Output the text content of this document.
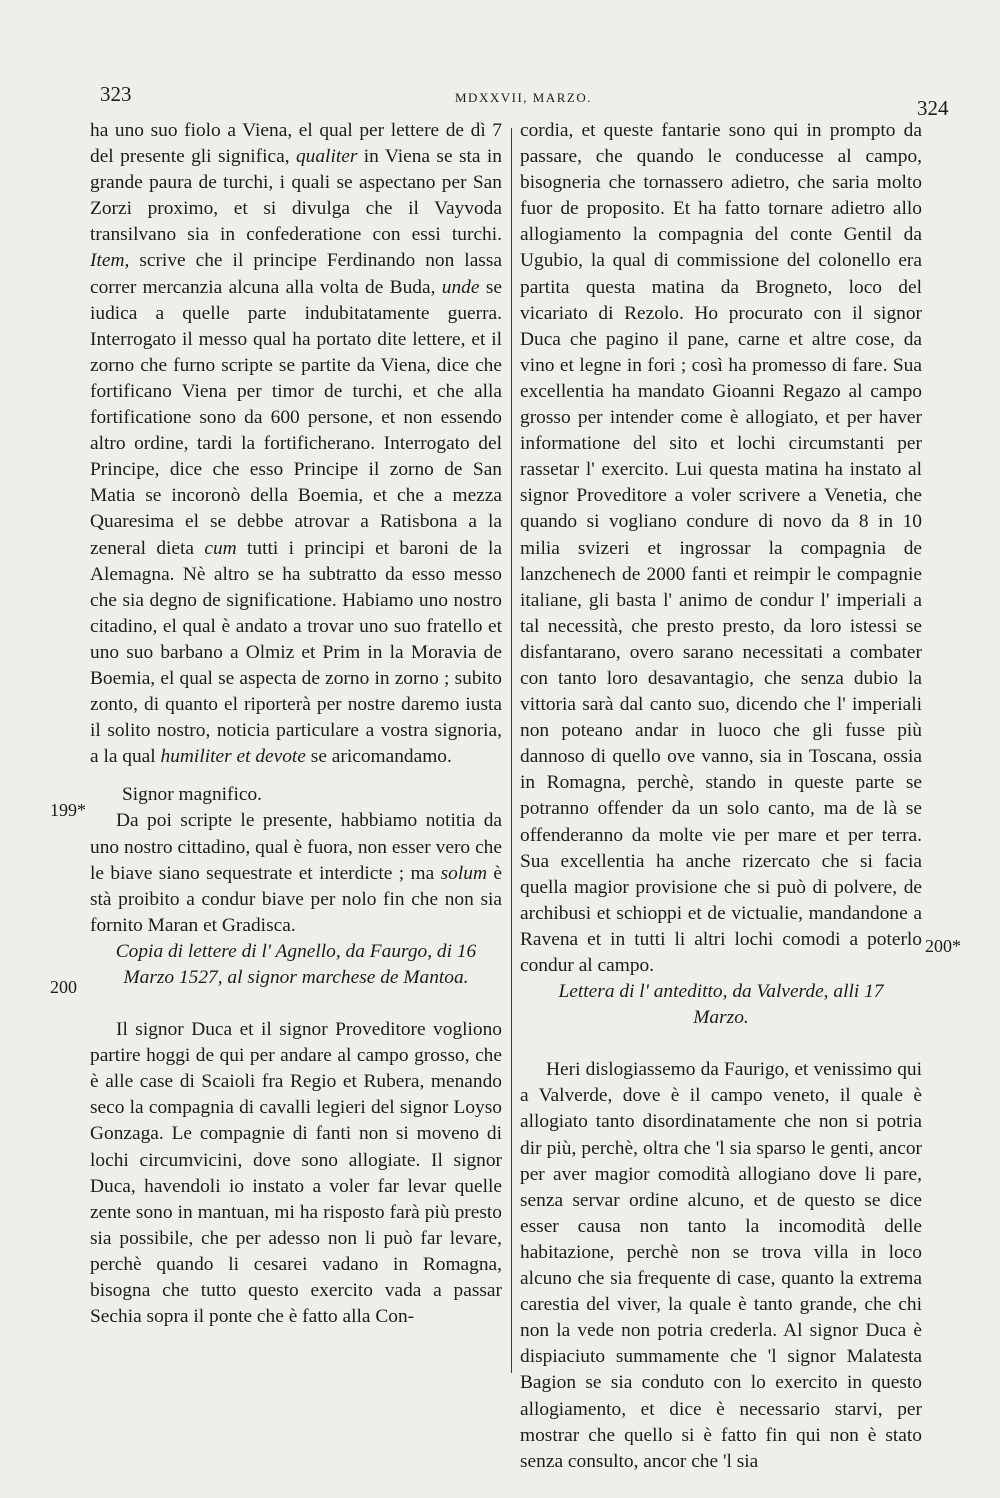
323	MDXXVII, MARZO.	324
199*
200
200*

ha uno suo fiolo a Viena, el qual per lettere de dì 7 del presente gli significa, qualiter in Viena se sta in grande paura de turchi, i quali se aspectano per San Zorzi proximo, et si divulga che il Vayvoda transilvano sia in confederatione con essi turchi. Item, scrive che il principe Ferdinando non lassa correr mercanzia alcuna alla volta de Buda, unde se iudica a quelle parte indubitatamente guerra. Interrogato il messo qual ha portato dite lettere, et il zorno che furno scripte se partite da Viena, dice che fortificano Viena per timor de turchi, et che alla fortificatione sono da 600 persone, et non essendo altro ordine, tardi la fortificherano. Interrogato del Principe, dice che esso Principe il zorno de San Matia se incoronò della Boemia, et che a mezza Quaresima el se debbe atrovar a Ratisbona a la zeneral dieta cum tutti i principi et baroni de la Alemagna. Nè altro se ha subtratto da esso messo che sia degno de significatione. Habiamo uno nostro citadino, el qual è andato a trovar uno suo fratello et uno suo barbano a Olmiz et Prim in la Moravia de Boemia, el qual se aspecta de zorno in zorno ; subito zonto, di quanto el riporterà per nostre daremo iusta il solito nostro, noticia particulare a vostra signoria, a la qual humiliter et devote se aricomandamo.

Signor magnifico.

Da poi scripte le presente, habbiamo notitia da uno nostro cittadino, qual è fuora, non esser vero che le biave siano sequestrate et interdicte ; ma solum è stà proibito a condur biave per nolo fin che non sia fornito Maran et Gradisca.

Copia di lettere di l' Agnello, da Faurgo, di 16 Marzo 1527, al signor marchese de Mantoa.

Il signor Duca et il signor Proveditore vogliono partire hoggi de qui per andare al campo grosso, che è alle case di Scaioli fra Regio et Rubera, menando seco la compagnia di cavalli legieri del signor Loyso Gonzaga. Le compagnie di fanti non si moveno di lochi circumvicini, dove sono allogiate. Il signor Duca, havendoli io instato a voler far levar quelle zente sono in mantuan, mi ha risposto farà più presto sia possibile, che per adesso non li può far levare, perchè quando li cesarei vadano in Romagna, bisogna che tutto questo exercito vada a passar Sechia sopra il ponte che è fatto alla Con-

cordia, et queste fantarie sono qui in prompto da passare, che quando le conducesse al campo, bisogneria che tornassero adietro, che saria molto fuor de proposito. Et ha fatto tornare adietro allo allogiamento la compagnia del conte Gentil da Ugubio, la qual di commissione del colonello era partita questa matina da Brogneto, loco del vicariato di Rezolo. Ho procurato con il signor Duca che pagino il pane, carne et altre cose, da vino et legne in fori ; così ha promesso di fare. Sua excellentia ha mandato Gioanni Regazo al campo grosso per intender come è allogiato, et per haver informatione del sito et lochi circumstanti per rassetar l' exercito. Lui questa matina ha instato al signor Proveditore a voler scrivere a Venetia, che quando si vogliano condure di novo da 8 in 10 milia svizeri et ingrossar la compagnia de lanzchenech de 2000 fanti et reimpir le compagnie italiane, gli basta l' animo de condur l' imperiali a tal necessità, che presto presto, da loro istessi se disfantarano, overo sarano necessitati a combater con tanto loro desavantagio, che senza dubio la vittoria sarà dal canto suo, dicendo che l' imperiali non poteano andar in luoco che gli fusse più dannoso di quello ove vanno, sia in Toscana, ossia in Romagna, perchè, stando in queste parte se potranno offender da un solo canto, ma de là se offenderanno da molte vie per mare et per terra. Sua excellentia ha anche rizercato che si facia quella magior provisione che si può di polvere, de archibusi et schioppi et de victualie, mandandone a Ravena et in tutti li altri lochi comodi a poterlo condur al campo.

Lettera di l' anteditto, da Valverde, alli 17 Marzo.

Heri dislogiassemo da Faurigo, et venissimo qui a Valverde, dove è il campo veneto, il quale è allogiato tanto disordinatamente che non si potria dir più, perchè, oltra che 'l sia sparso le genti, ancor per aver magior comodità allogiano dove li pare, senza servar ordine alcuno, et de questo se dice esser causa non tanto la incomodità delle habitazione, perchè non se trova villa in loco alcuno che sia frequente di case, quanto la extrema carestia del viver, la quale è tanto grande, che chi non la vede non potria crederla. Al signor Duca è dispiaciuto summamente che 'l signor Malatesta Bagion se sia conduto con lo exercito in questo allogiamento, et dice è necessario starvi, per mostrar che quello si è fatto fin qui non è stato senza consulto, ancor che 'l sia
